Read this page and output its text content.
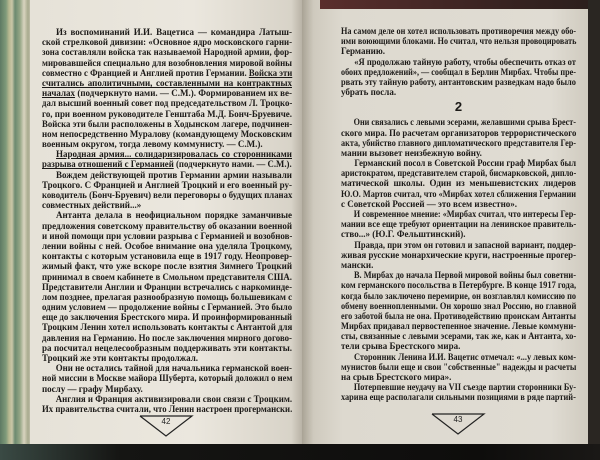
Из воспоминаний И.И. Вацетиса — командира Латыш-
ской стрелковой дивизии: «Основное ядро московского гарни-
зона составляли войска так называемой Народной армии, фор-
мировавшейся специально для возобновления мировой войны
совместно с Францией и Англией против Германии. Войска эти
считались аполитичными, составленными на контрактных
началах (подчеркнуто нами. — С.М.). Формированием их ве-
дал высший военный совет под председательством Л. Троцко-
го, при военном руководителе Генштаба М.Д. Бонч-Бруевиче.
Войска эти были расположены в Ходынском лагере, подчинен-
ном непосредственно Муралову (командующему Московским
военным округом, тогда левому коммунисту. — С.М.).
Народная армия... солидаризировалась со сторонниками
разрыва отношений с Германией (подчеркнуто нами. — С.М.).
Вождем действующей против Германии армии называли
Троцкого. С Францией и Англией Троцкий и его военный ру-
ководитель (Бонч-Бруевич) вели переговоры о будущих планах
совместных действий...»
Антанта делала в неофициальном порядке заманчивые
предложения советскому правительству об оказании военной
и иной помощи при условии разрыва с Германией и возобнов-
лении войны с ней. Особое внимание она уделяла Троцкому,
контакты с которым установила еще в 1917 году. Неопровер-
жимый факт, что уже вскоре после взятия Зимнего Троцкий
принимал в своем кабинете в Смольном представителя США.
Представители Англии и Франции встречались с наркоминде-
лом позднее, прелагая разнообразную помощь большевикам с
одним условием — продолжение войны с Германией. Это было
еще до заключения Брестского мира. И проинформированный
Троцким Ленин хотел использовать контакты с Антантой для
давления на Германию. Но после заключения мирного догово-
ра посчитал нецелесообразным поддерживать эти контакты.
Троцкий же эти контакты продолжал.
Они не остались тайной для начальника германской воен-
ной миссии в Москве майора Шуберта, который доложил о нем
послу — графу Мирбаху.
Англия и Франция активизировали свои связи с Троцким.
Их правительства считали, что Ленин настроен прогермански.
На самом деле он хотел использовать противоречия между обо-
ими воюющими блоками. Но считал, что нельзя провоцировать
Германию.
«Я продолжаю тайную работу, чтобы обеспечить отказ от
обоих предложений», — сообщал в Берлин Мирбах. Чтобы пре-
рвать эту тайную работу, антантовским разведкам надо было
убрать посла.
2
Они связались с левыми эсерами, желавшими срыва Брест-
ского мира. По расчетам организаторов террористического
акта, убийство главного дипломатического представителя Гер-
мании вызовет неизбежную войну.
Германский посол в Советской России граф Мирбах был
аристократом, представителем старой, бисмарковской, дипло-
матической школы. Один из меньшевистских лидеров
Ю.О. Мартов считал, что «Мирбах хотел сближения Германии
с Советской Россией — это всем известно».
И современное мнение: «Мирбах считал, что интересы Гер-
мании все еще требуют ориентации на ленинское правитель-
ство...» (Ю.Г. Фельштинский).
Правда, при этом он готовил и запасной вариант, поддер-
живая русские монархические круги, настроенные прогер-
мански.
В. Мирбах до начала Первой мировой войны был советни-
ком германского посольства в Петербурге. В конце 1917 года,
когда было заключено перемирие, он возглавлял комиссию по
обмену военнопленными. Он хорошо знал Россию, но главной
его заботой была не она. Противодействию проискам Антанты
Мирбах придавал первостепенное значение. Левые коммуни-
сты, связанные с левыми эсерами, так же, как и Антанта, хо-
тели срыва Брестского мира.
Сторонник Ленина И.И. Вацетис отмечал: «...у левых ком-
мунистов были еще и свои "собственные" надежды и расчеты
на срыв Брестского мира».
Потерпевшие неудачу на VII съезде партии сторонники Бу-
харина еще располагали сильными позициями в ряде партий-
42	43
